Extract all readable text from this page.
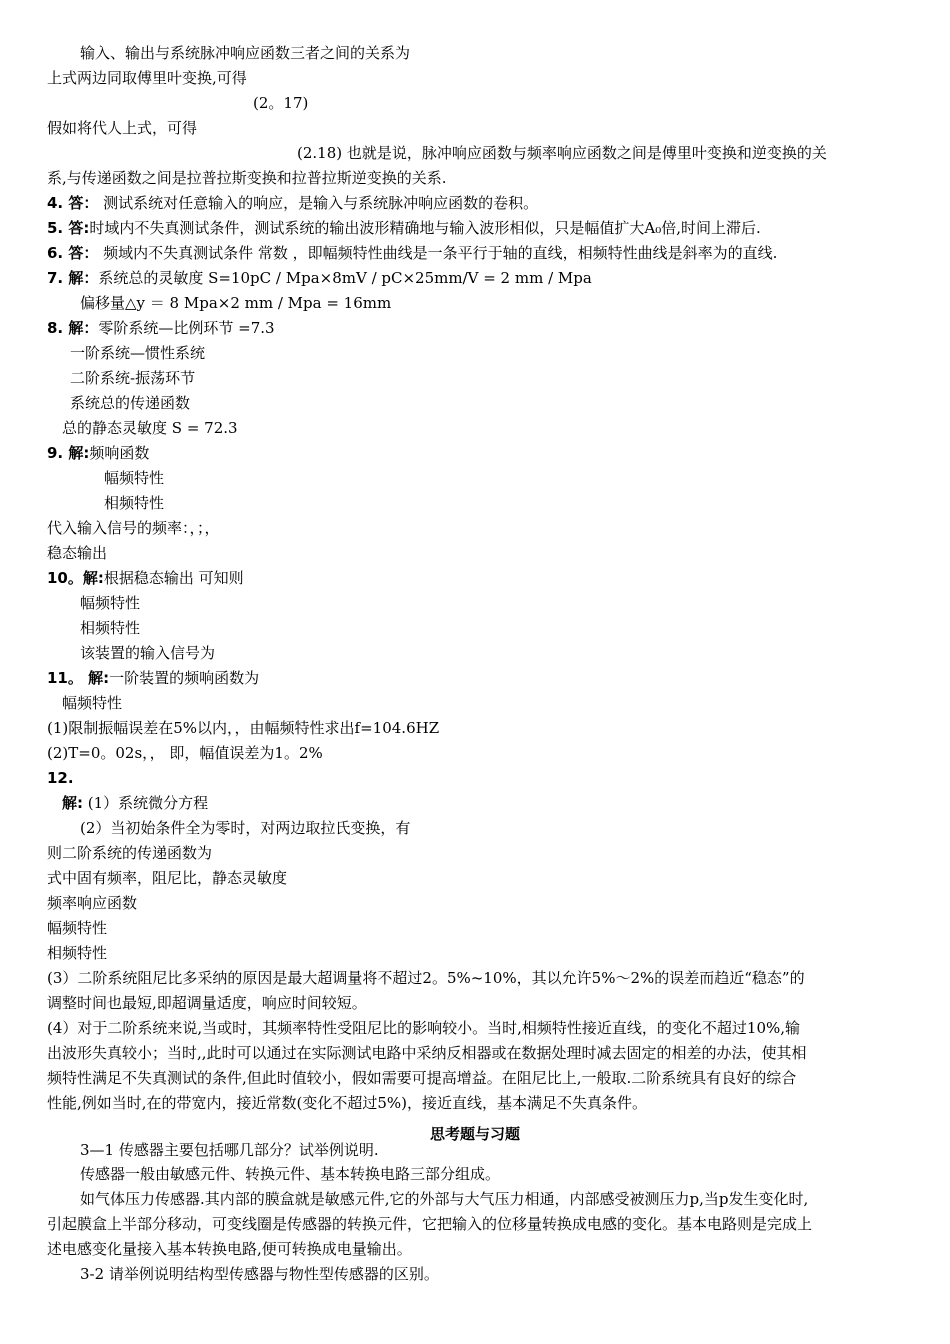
输入、输出与系统脉冲响应函数三者之间的关系为
上式两边同取傅里叶变换,可得
(2。17)
假如将代人上式，可得
(2.18) 也就是说，脉冲响应函数与频率响应函数之间是傅里叶变换和逆变换的关
系,与传递函数之间是拉普拉斯变换和拉普拉斯逆变换的关系.
4. 答： 测试系统对任意输入的响应，是输入与系统脉冲响应函数的卷积。
5. 答:时域内不失真测试条件，测试系统的输出波形精确地与输入波形相似，只是幅值扩大A₀倍,时间上滞后.
6. 答： 频域内不失真测试条件 常数 ，即幅频特性曲线是一条平行于轴的直线，相频特性曲线是斜率为的直线.
7. 解：系统总的灵敏度 S=10pC / Mpa×8mV / pC×25mm/V = 2 mm / Mpa
偏移量△y ＝ 8 Mpa×2 mm / Mpa = 16mm
8. 解：零阶系统—比例环节 =7.3
一阶系统—惯性系统
二阶系统-振荡环节
系统总的传递函数
总的静态灵敏度 S = 72.3
9. 解:频响函数
幅频特性
相频特性
代入输入信号的频率：，；，
稳态输出
10。解:根据稳态输出 可知则
幅频特性
相频特性
该装置的输入信号为
11。 解:一阶装置的频响函数为
幅频特性
(1)限制振幅误差在5%以内，，由幅频特性求出f=104.6HZ
(2)T=0。02s，， 即，幅值误差为1。2%
12.
解: (1）系统微分方程
(2）当初始条件全为零时，对两边取拉氏变换，有
则二阶系统的传递函数为
式中固有频率，阻尼比，静态灵敏度
频率响应函数
幅频特性
相频特性
(3）二阶系统阻尼比多采纳的原因是最大超调量将不超过2。5%~10%，其以允许5%～2%的误差而趋近“稳态”的
调整时间也最短,即超调量适度，响应时间较短。
(4）对于二阶系统来说,当或时，其频率特性受阻尼比的影响较小。当时,相频特性接近直线，的变化不超过10%,输
出波形失真较小；当时,,此时可以通过在实际测试电路中采纳反相器或在数据处理时减去固定的相差的办法，使其相
频特性满足不失真测试的条件,但此时值较小，假如需要可提高增益。在阻尼比上,一般取.二阶系统具有良好的综合
性能,例如当时,在的带宽内，接近常数(变化不超过5%)，接近直线，基本满足不失真条件。
3—1 传感器主要包括哪几部分？试举例说明.
传感器一般由敏感元件、转换元件、基本转换电路三部分组成。
如气体压力传感器.其内部的膜盒就是敏感元件,它的外部与大气压力相通，内部感受被测压力p,当p发生变化时,
引起膜盒上半部分移动，可变线圈是传感器的转换元件，它把输入的位移量转换成电感的变化。基本电路则是完成上
述电感变化量接入基本转换电路,便可转换成电量输出。
3-2 请举例说明结构型传感器与物性型传感器的区别。
思考题与习题
